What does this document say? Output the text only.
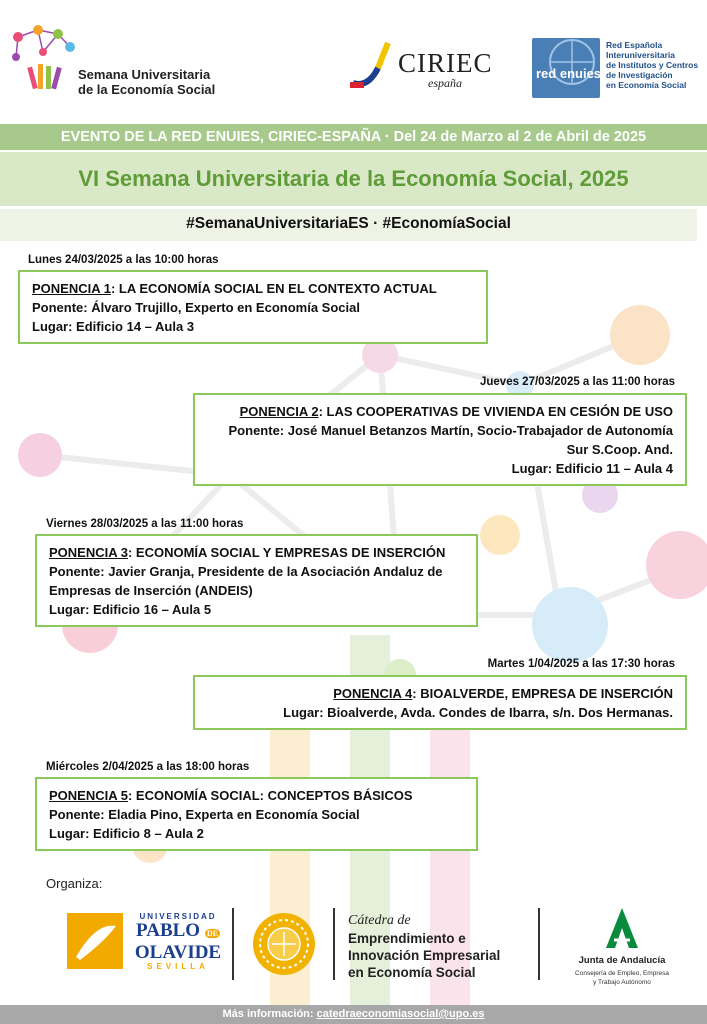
Semana Universitaria
de la Economía Social
CIRIEC
españa
red enuies
Red Española
Interuniversitaria
de Institutos y Centros
de Investigación
en Economía Social
EVENTO DE LA RED ENUIES, CIRIEC-ESPAÑA · Del 24 de Marzo al 2 de Abril de 2025
VI Semana Universitaria de la Economía Social, 2025
#SemanaUniversitariaES · #EconomíaSocial
Lunes 24/03/2025 a las 10:00 horas
PONENCIA 1: LA ECONOMÍA SOCIAL EN EL CONTEXTO ACTUAL
Ponente: Álvaro Trujillo, Experto en Economía Social
Lugar: Edificio 14 – Aula 3
Jueves 27/03/2025 a las 11:00 horas
PONENCIA 2: LAS COOPERATIVAS DE VIVIENDA EN CESIÓN DE USO
Ponente: José Manuel Betanzos Martín, Socio-Trabajador de Autonomía
Sur S.Coop. And.
Lugar: Edificio 11 – Aula 4
Viernes 28/03/2025 a las 11:00 horas
PONENCIA 3: ECONOMÍA SOCIAL Y EMPRESAS DE INSERCIÓN
Ponente: Javier Granja, Presidente de la Asociación Andaluz de
Empresas de Inserción (ANDEIS)
Lugar: Edificio 16 – Aula 5
Martes 1/04/2025 a las 17:30 horas
PONENCIA 4: BIOALVERDE, EMPRESA DE INSERCIÓN
Lugar: Bioalverde, Avda. Condes de Ibarra, s/n. Dos Hermanas.
Miércoles 2/04/2025 a las 18:00 horas
PONENCIA 5: ECONOMÍA SOCIAL: CONCEPTOS BÁSICOS
Ponente: Eladia Pino, Experta en Economía Social
Lugar: Edificio 8 – Aula 2
Organiza:
UNIVERSIDAD
PABLO DE
OLAVIDE
SEVILLA
Cátedra de
Emprendimiento e
Innovación Empresarial
en Economía Social
Junta de Andalucía
Consejería de Empleo, Empresa
y Trabajo Autónomo
Más información: catedraeconomiasocial@upo.es
